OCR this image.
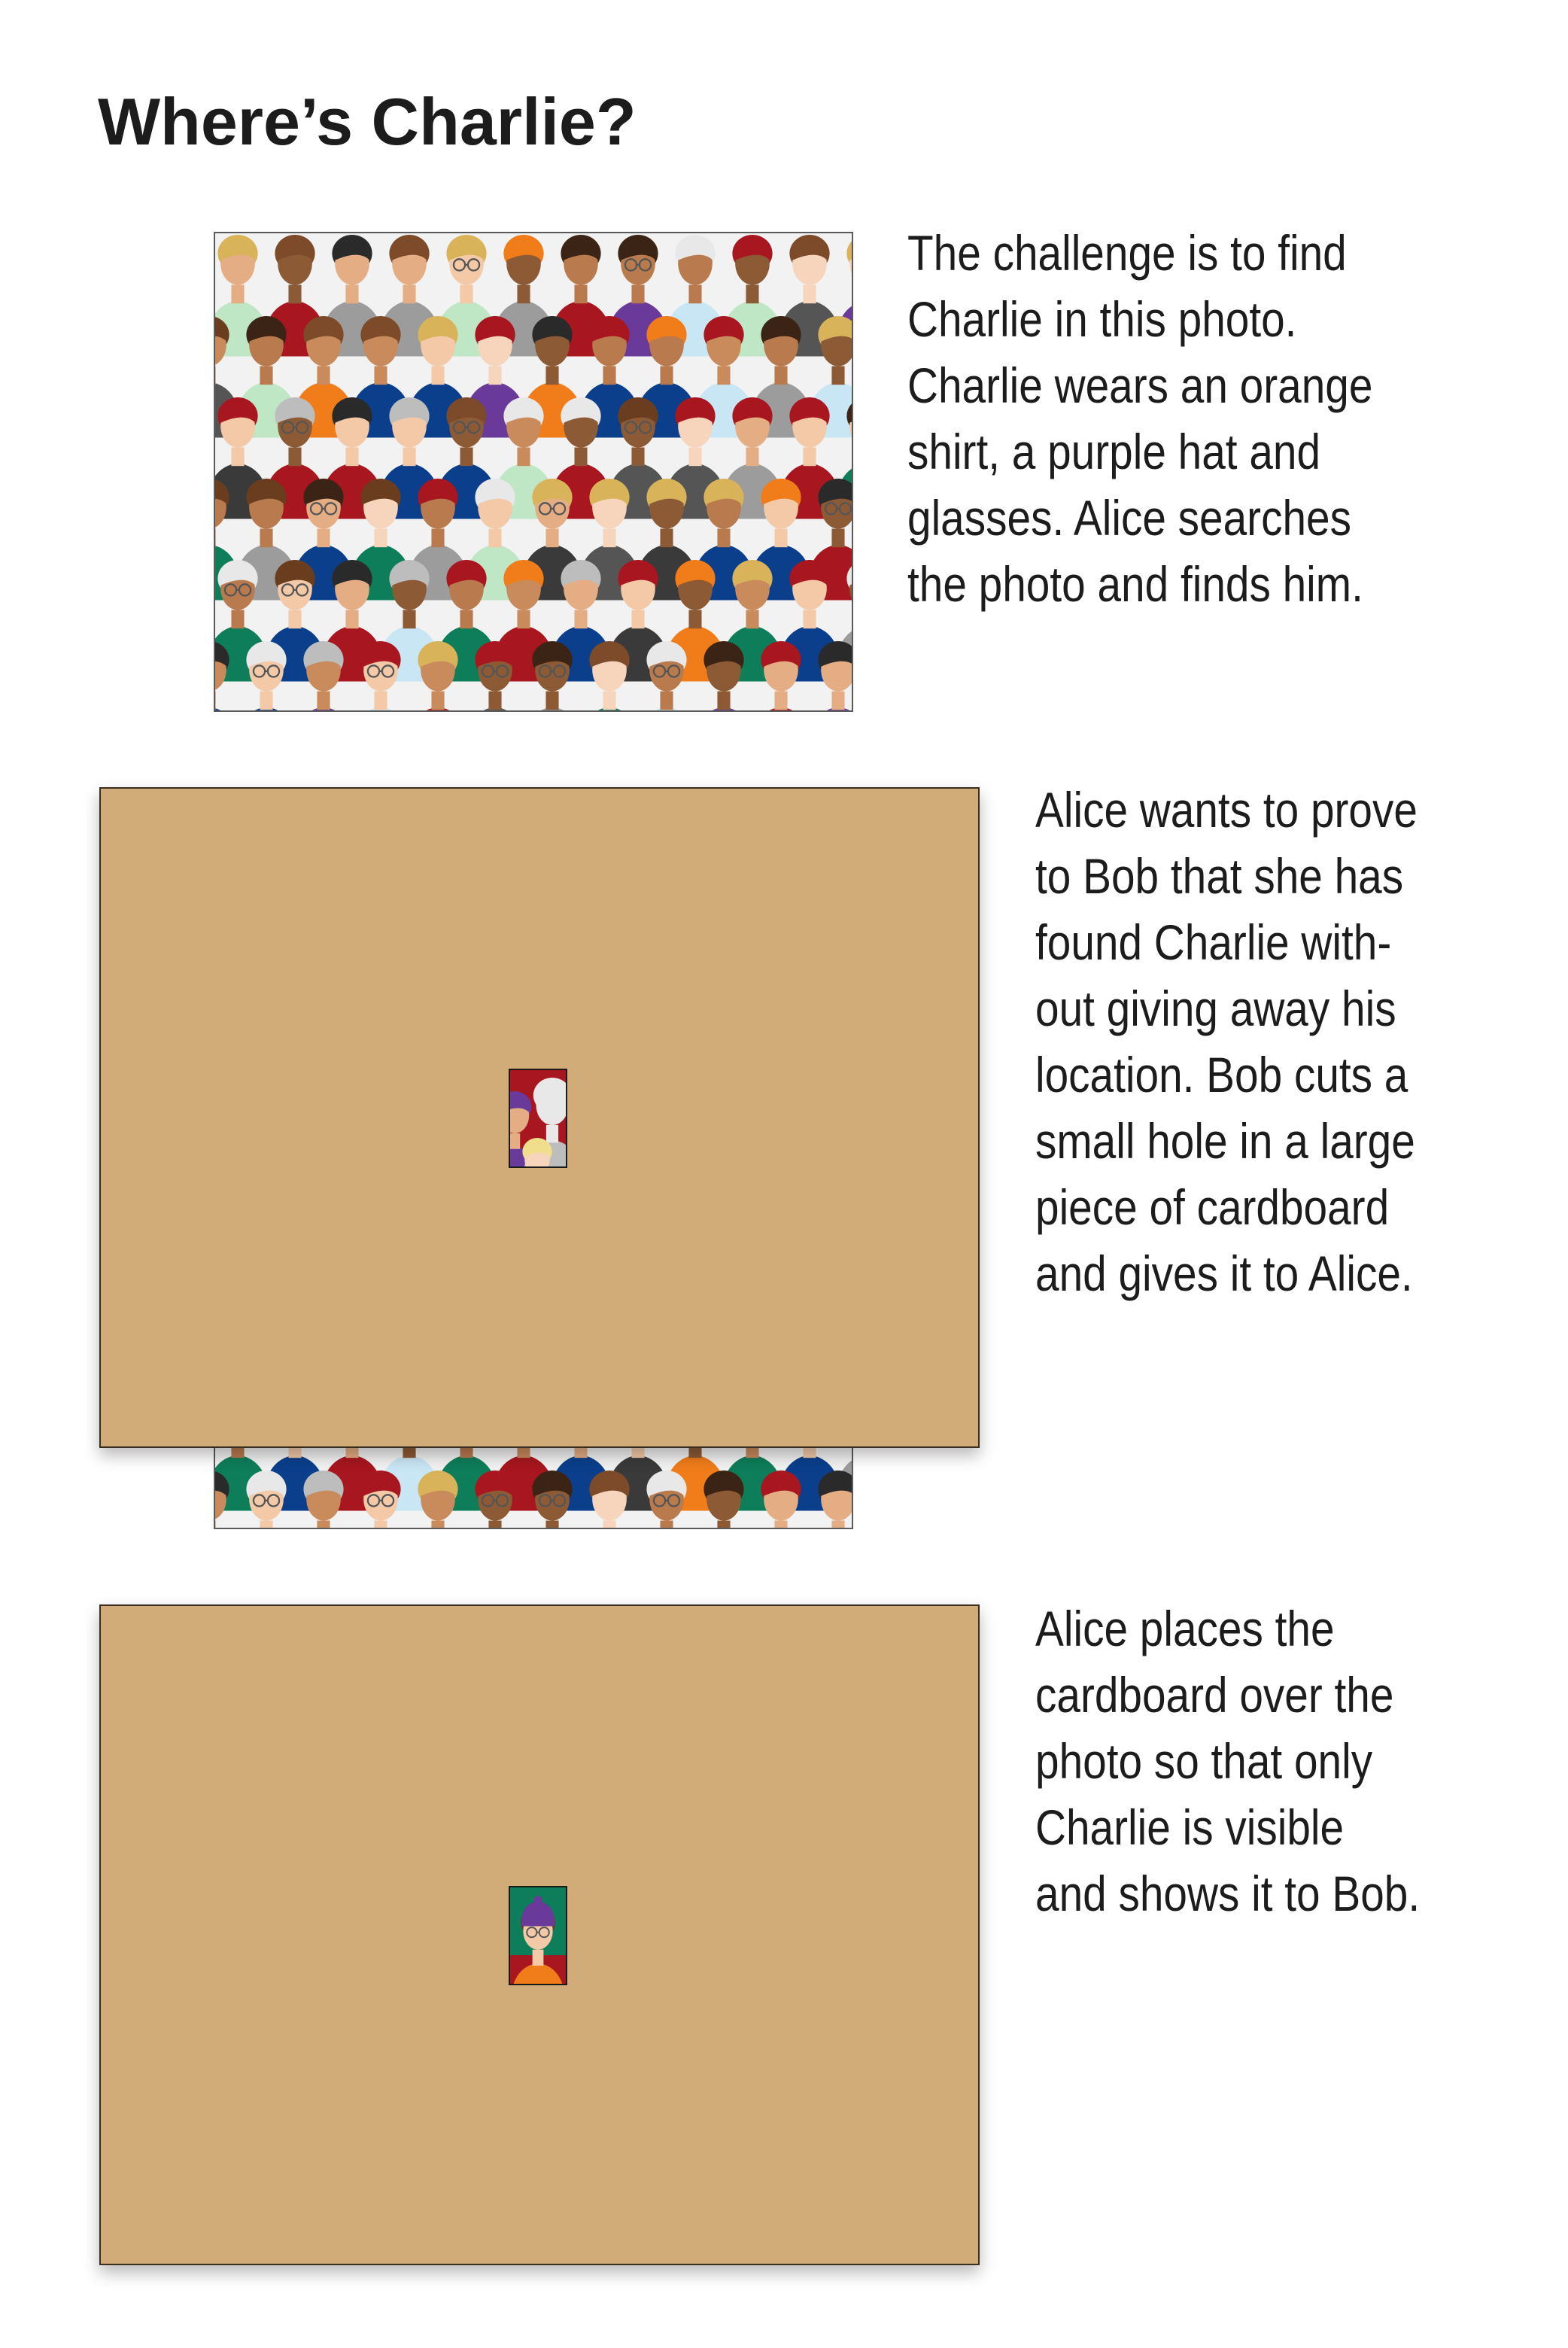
Where’s Charlie?

The challenge is to find
Charlie in this photo.
Charlie wears an orange
shirt, a purple hat and
glasses. Alice searches
the photo and finds him.

Alice wants to prove
to Bob that she has
found Charlie with-
out giving away his
location. Bob cuts a
small hole in a large
piece of cardboard
and gives it to Alice.

Alice places the
cardboard over the
photo so that only
Charlie is visible
and shows it to Bob.
